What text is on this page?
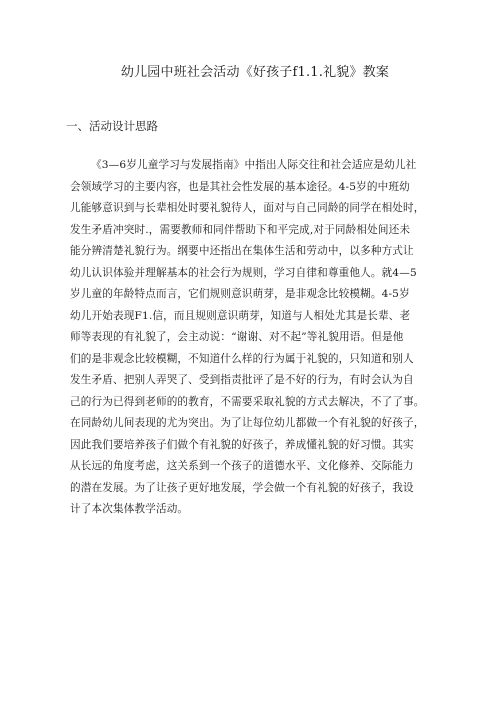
幼儿园中班社会活动《好孩子f1.1.礼貌》教案
一、活动设计思路
《3—6岁儿童学习与发展指南》中指出人际交往和社会适应是幼儿社
会领域学习的主要内容，也是其社会性发展的基本途径。4-5岁的中班幼
儿能够意识到与长辈相处时要礼貌待人，面对与自己同龄的同学在相处时，
发生矛盾冲突时.，需要教师和同伴帮助下和平完成,对于同龄相处间还未
能分辨清楚礼貌行为。纲要中还指出在集体生活和劳动中，以多种方式让
幼儿认识体验并理解基本的社会行为规则，学习自律和尊重他人。就4—5
岁儿童的年龄特点而言，它们规则意识萌芽，是非观念比较模糊。4-5岁
幼儿开始表现F1.信，而且规则意识萌芽，知道与人相处尤其是长辈、老
师等表现的有礼貌了，会主动说：“谢谢、对不起”等礼貌用语。但是他
们的是非观念比较模糊，不知道什么样的行为属于礼貌的，只知道和别人
发生矛盾、把别人弄哭了、受到指责批评了是不好的行为，有时会认为自
己的行为已得到老师的的教育，不需要采取礼貌的方式去解决，不了了事。
在同龄幼儿间表现的尤为突出。为了让每位幼儿都做一个有礼貌的好孩子，
因此我们要培养孩子们做个有礼貌的好孩子，养成懂礼貌的好习惯。其实
从长远的角度考虑，这关系到一个孩子的道德水平、文化修养、交际能力
的潜在发展。为了让孩子更好地发展，学会做一个有礼貌的好孩子，我设
计了本次集体教学活动。
